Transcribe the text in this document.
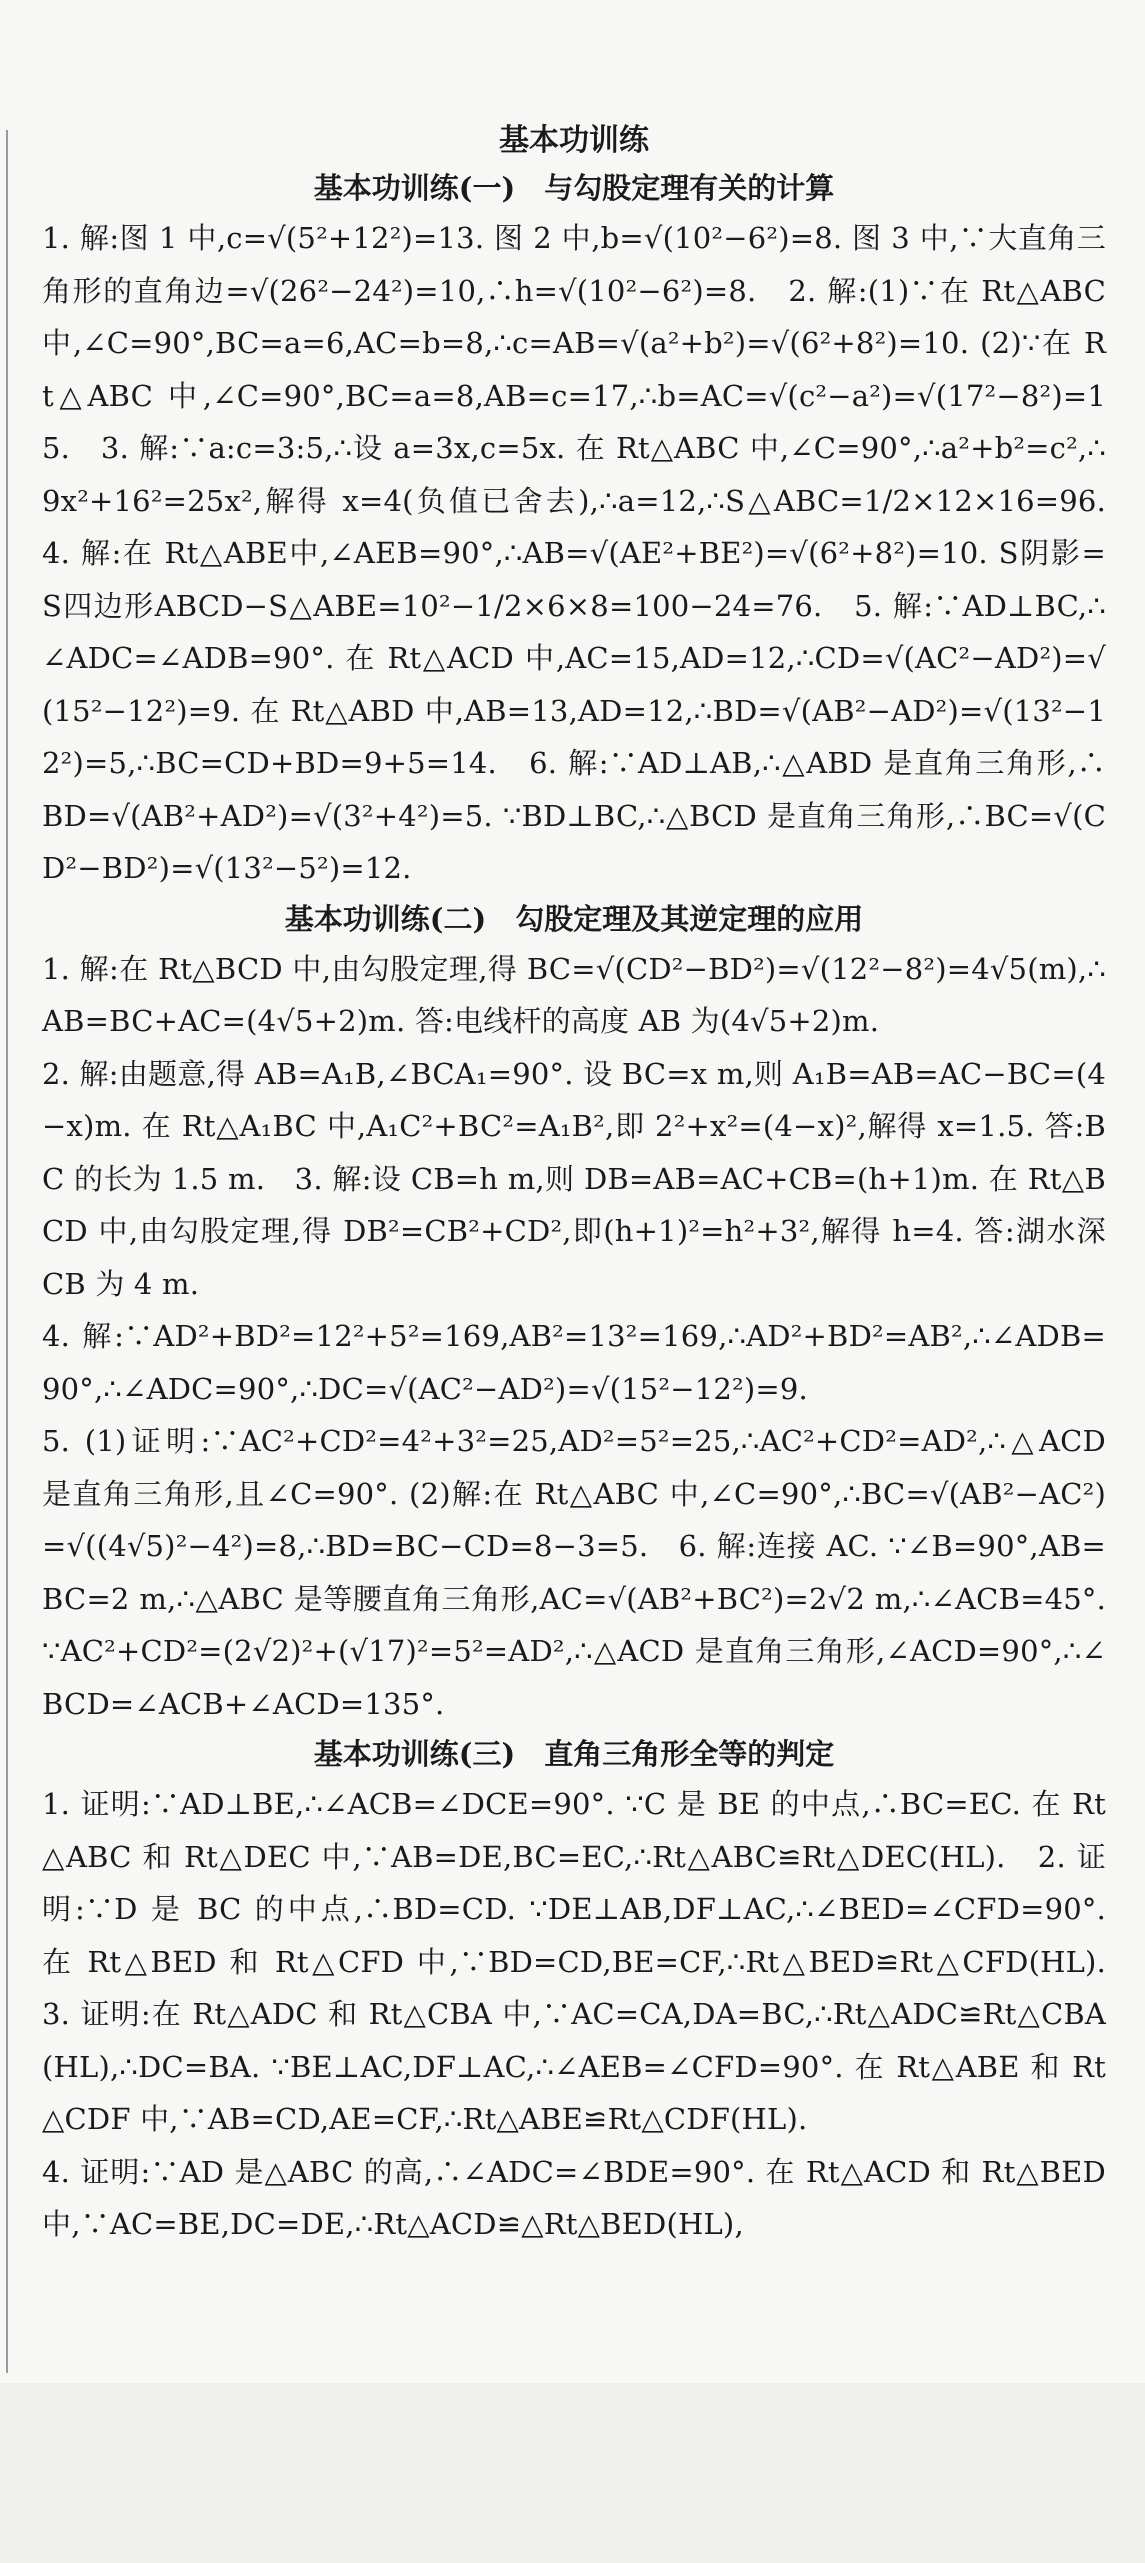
基本功训练
基本功训练(一)　与勾股定理有关的计算

1. 解:图 1 中,c=√(5²+12²)=13. 图 2 中,b=√(10²−6²)=8. 图 3 中,∵大直角三角形的直角边=√(26²−24²)=10,∴h=√(10²−6²)=8.　2. 解:(1)∵在 Rt△ABC 中,∠C=90°,BC=a=6,AC=b=8,∴c=AB=√(a²+b²)=√(6²+8²)=10. (2)∵在 Rt△ABC 中,∠C=90°,BC=a=8,AB=c=17,∴b=AC=√(c²−a²)=√(17²−8²)=15.　3. 解:∵a:c=3:5,∴设 a=3x,c=5x. 在 Rt△ABC 中,∠C=90°,∴a²+b²=c²,∴9x²+16²=25x²,解得 x=4(负值已舍去),∴a=12,∴S△ABC=1/2×12×16=96.　4. 解:在 Rt△ABE中,∠AEB=90°,∴AB=√(AE²+BE²)=√(6²+8²)=10. S阴影=S四边形ABCD−S△ABE=10²−1/2×6×8=100−24=76.　5. 解:∵AD⊥BC,∴∠ADC=∠ADB=90°. 在 Rt△ACD 中,AC=15,AD=12,∴CD=√(AC²−AD²)=√(15²−12²)=9. 在 Rt△ABD 中,AB=13,AD=12,∴BD=√(AB²−AD²)=√(13²−12²)=5,∴BC=CD+BD=9+5=14.　6. 解:∵AD⊥AB,∴△ABD 是直角三角形,∴BD=√(AB²+AD²)=√(3²+4²)=5. ∵BD⊥BC,∴△BCD 是直角三角形,∴BC=√(CD²−BD²)=√(13²−5²)=12.

基本功训练(二)　勾股定理及其逆定理的应用

1. 解:在 Rt△BCD 中,由勾股定理,得 BC=√(CD²−BD²)=√(12²−8²)=4√5(m),∴AB=BC+AC=(4√5+2)m. 答:电线杆的高度 AB 为(4√5+2)m.

2. 解:由题意,得 AB=A₁B,∠BCA₁=90°. 设 BC=x m,则 A₁B=AB=AC−BC=(4−x)m. 在 Rt△A₁BC 中,A₁C²+BC²=A₁B²,即 2²+x²=(4−x)²,解得 x=1.5. 答:BC 的长为 1.5 m.　3. 解:设 CB=h m,则 DB=AB=AC+CB=(h+1)m. 在 Rt△BCD 中,由勾股定理,得 DB²=CB²+CD²,即(h+1)²=h²+3²,解得 h=4. 答:湖水深 CB 为 4 m.

4. 解:∵AD²+BD²=12²+5²=169,AB²=13²=169,∴AD²+BD²=AB²,∴∠ADB=90°,∴∠ADC=90°,∴DC=√(AC²−AD²)=√(15²−12²)=9.

5. (1)证明:∵AC²+CD²=4²+3²=25,AD²=5²=25,∴AC²+CD²=AD²,∴△ACD 是直角三角形,且∠C=90°. (2)解:在 Rt△ABC 中,∠C=90°,∴BC=√(AB²−AC²)=√((4√5)²−4²)=8,∴BD=BC−CD=8−3=5.　6. 解:连接 AC. ∵∠B=90°,AB=BC=2 m,∴△ABC 是等腰直角三角形,AC=√(AB²+BC²)=2√2 m,∴∠ACB=45°. ∵AC²+CD²=(2√2)²+(√17)²=5²=AD²,∴△ACD 是直角三角形,∠ACD=90°,∴∠BCD=∠ACB+∠ACD=135°.

基本功训练(三)　直角三角形全等的判定

1. 证明:∵AD⊥BE,∴∠ACB=∠DCE=90°. ∵C 是 BE 的中点,∴BC=EC. 在 Rt△ABC 和 Rt△DEC 中,∵AB=DE,BC=EC,∴Rt△ABC≌Rt△DEC(HL).　2. 证明:∵D 是 BC 的中点,∴BD=CD. ∵DE⊥AB,DF⊥AC,∴∠BED=∠CFD=90°. 在 Rt△BED 和 Rt△CFD 中,∵BD=CD,BE=CF,∴Rt△BED≌Rt△CFD(HL).　3. 证明:在 Rt△ADC 和 Rt△CBA 中,∵AC=CA,DA=BC,∴Rt△ADC≌Rt△CBA(HL),∴DC=BA. ∵BE⊥AC,DF⊥AC,∴∠AEB=∠CFD=90°. 在 Rt△ABE 和 Rt△CDF 中,∵AB=CD,AE=CF,∴Rt△ABE≌Rt△CDF(HL).

4. 证明:∵AD 是△ABC 的高,∴∠ADC=∠BDE=90°. 在 Rt△ACD 和 Rt△BED 中,∵AC=BE,DC=DE,∴Rt△ACD≌△Rt△BED(HL),
